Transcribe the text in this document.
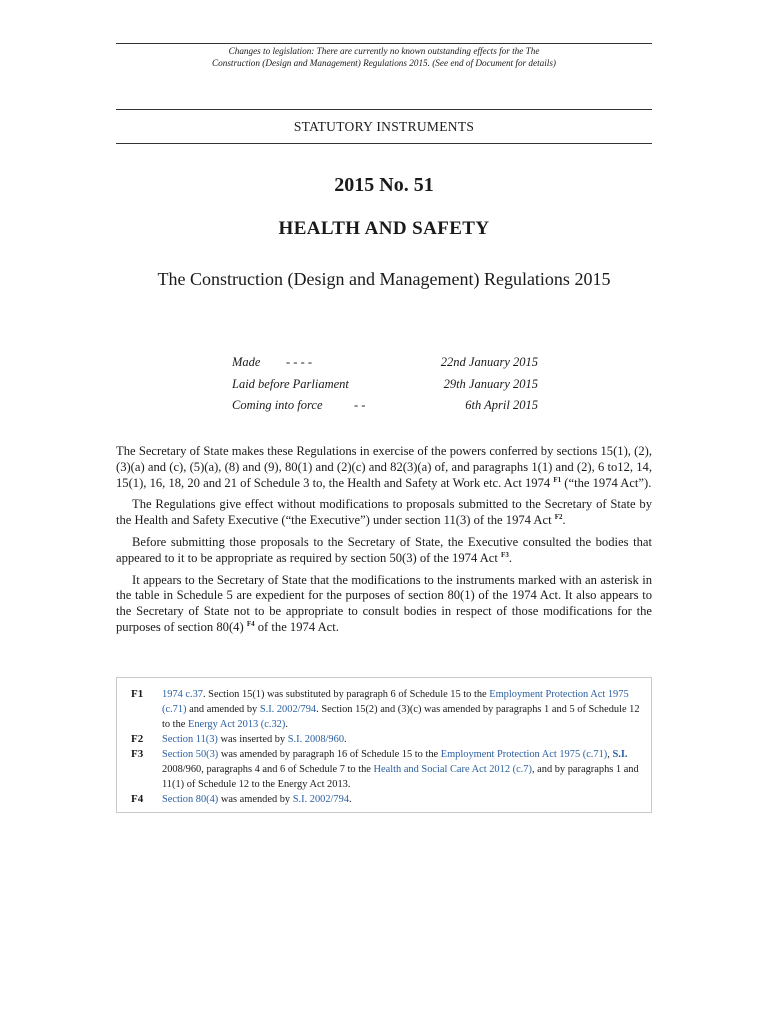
Changes to legislation: There are currently no known outstanding effects for the The
Construction (Design and Management) Regulations 2015. (See end of Document for details)
STATUTORY INSTRUMENTS
2015 No. 51
HEALTH AND SAFETY
The Construction (Design and Management) Regulations 2015
Made - - - -	22nd January 2015
Laid before Parliament	29th January 2015
Coming into force	- -	6th April 2015

The Secretary of State makes these Regulations in exercise of the powers conferred by sections 15(1), (2), (3)(a) and (c), (5)(a), (8) and (9), 80(1) and (2)(c) and 82(3)(a) of, and paragraphs 1(1) and (2), 6 to12, 14, 15(1), 16, 18, 20 and 21 of Schedule 3 to, the Health and Safety at Work etc. Act 1974 $^{F1}$ (“the 1974 Act”).

The Regulations give effect without modifications to proposals submitted to the Secretary of State by the Health and Safety Executive (“the Executive”) under section 11(3) of the 1974 Act $^{F2}$.

Before submitting those proposals to the Secretary of State, the Executive consulted the bodies that appeared to it to be appropriate as required by section 50(3) of the 1974 Act $^{F3}$.

It appears to the Secretary of State that the modifications to the instruments marked with an asterisk in the table in Schedule 5 are expedient for the purposes of section 80(1) of the 1974 Act. It also appears to the Secretary of State not to be appropriate to consult bodies in respect of those modifications for the purposes of section 80(4) $^{F4}$ of the 1974 Act.

F1 1974 c.37. Section 15(1) was substituted by paragraph 6 of Schedule 15 to the Employment Protection Act 1975 (c.71) and amended by S.I. 2002/794. Section 15(2) and (3)(c) was amended by paragraphs 1 and 5 of Schedule 12 to the Energy Act 2013 (c.32).
F2 Section 11(3) was inserted by S.I. 2008/960.
F3 Section 50(3) was amended by paragraph 16 of Schedule 15 to the Employment Protection Act 1975 (c.71), S.I. 2008/960, paragraphs 4 and 6 of Schedule 7 to the Health and Social Care Act 2012 (c.7), and by paragraphs 1 and 11(1) of Schedule 12 to the Energy Act 2013.
F4 Section 80(4) was amended by S.I. 2002/794.
